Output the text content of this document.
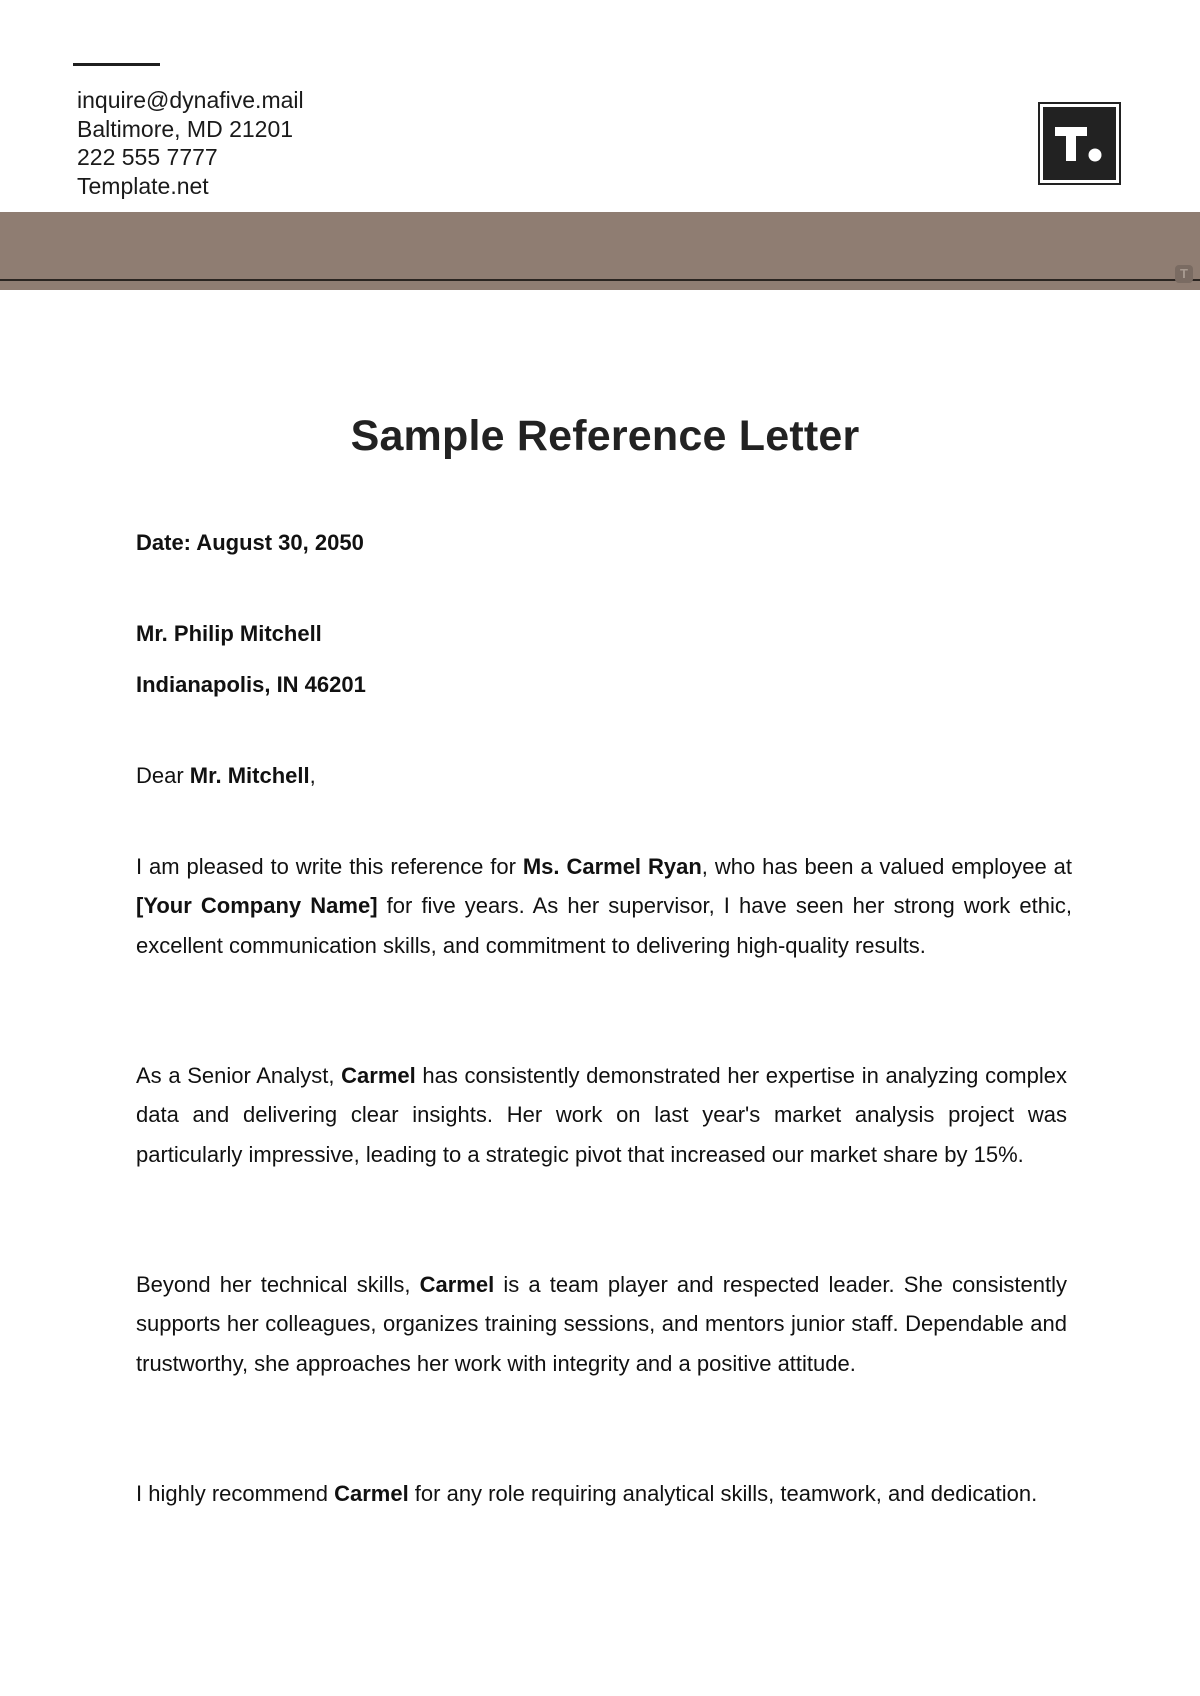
inquire@dynafive.mail
Baltimore, MD 21201
222 555 7777
Template.net
T
Sample Reference Letter
Date: August 30, 2050
Mr. Philip Mitchell
Indianapolis, IN 46201
Dear Mr. Mitchell,
I am pleased to write this reference for Ms. Carmel Ryan, who has been a valued employee at [Your Company Name] for five years. As her supervisor, I have seen her strong work ethic, excellent communication skills, and commitment to delivering high-quality results.
As a Senior Analyst, Carmel has consistently demonstrated her expertise in analyzing complex data and delivering clear insights. Her work on last year's market analysis project was particularly impressive, leading to a strategic pivot that increased our market share by 15%.
Beyond her technical skills, Carmel is a team player and respected leader. She consistently supports her colleagues, organizes training sessions, and mentors junior staff. Dependable and trustworthy, she approaches her work with integrity and a positive attitude.
I highly recommend Carmel for any role requiring analytical skills, teamwork, and dedication.
